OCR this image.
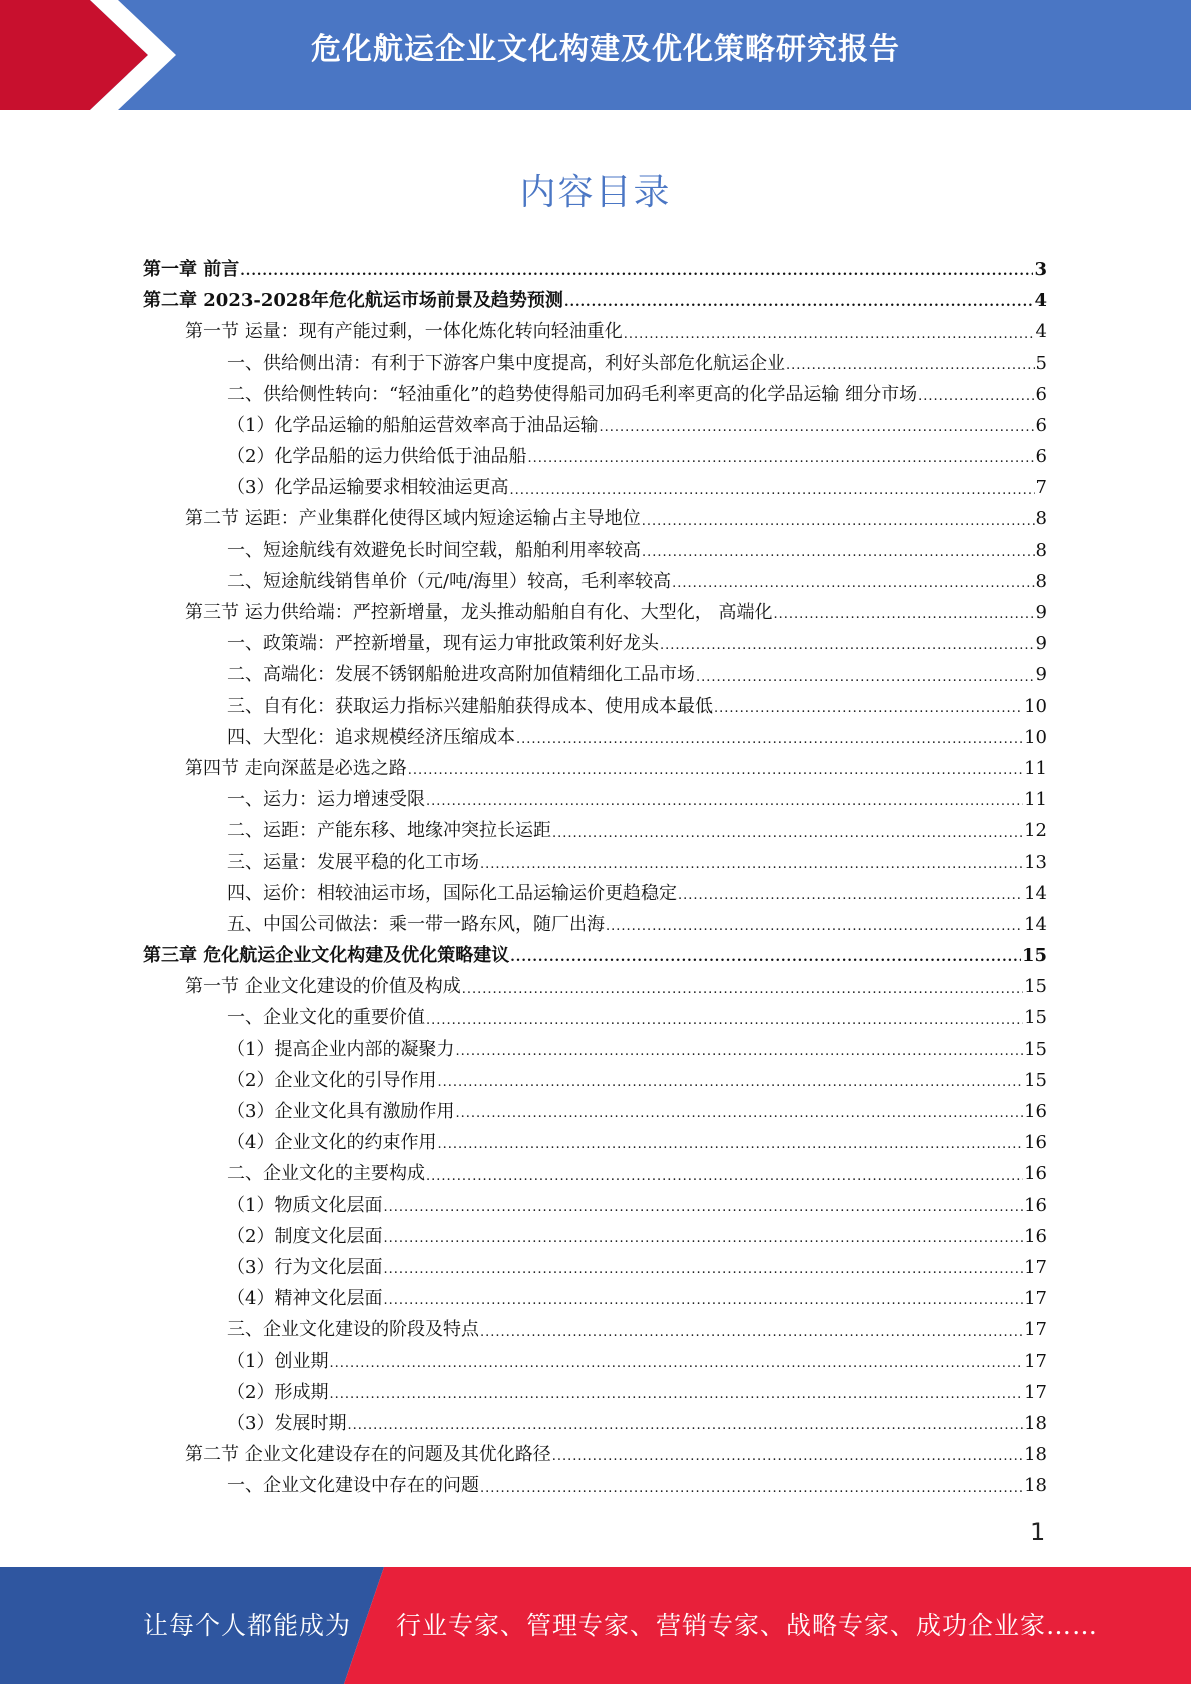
危化航运企业文化构建及优化策略研究报告
内容目录
第一章 前言 .....	3
第二章 2023-2028年危化航运市场前景及趋势预测 .....	4
第一节 运量：现有产能过剩，一体化炼化转向轻油重化 .....	4
一、供给侧出清：有利于下游客户集中度提高，利好头部危化航运企业 .....	5
二、供给侧性转向：“轻油重化”的趋势使得船司加码毛利率更高的化学品运输 细分市场 .....	6
（1）化学品运输的船舶运营效率高于油品运输 .....	6
（2）化学品船的运力供给低于油品船 .....	6
（3）化学品运输要求相较油运更高 .....	7
第二节 运距：产业集群化使得区域内短途运输占主导地位 .....	8
一、短途航线有效避免长时间空载，船舶利用率较高 .....	8
二、短途航线销售单价（元/吨/海里）较高，毛利率较高 .....	8
第三节 运力供给端：严控新增量，龙头推动船舶自有化、大型化， 高端化 .....	9
一、政策端：严控新增量，现有运力审批政策利好龙头 .....	9
二、高端化：发展不锈钢船舱进攻高附加值精细化工品市场 .....	9
三、自有化：获取运力指标兴建船舶获得成本、使用成本最低 .....	10
四、大型化：追求规模经济压缩成本 .....	10
第四节 走向深蓝是必选之路 .....	11
一、运力：运力增速受限 .....	11
二、运距：产能东移、地缘冲突拉长运距 .....	12
三、运量：发展平稳的化工市场 .....	13
四、运价：相较油运市场，国际化工品运输运价更趋稳定 .....	14
五、中国公司做法：乘一带一路东风，随厂出海 .....	14
第三章 危化航运企业文化构建及优化策略建议 .....	15
第一节 企业文化建设的价值及构成 .....	15
一、企业文化的重要价值 .....	15
（1）提高企业内部的凝聚力 .....	15
（2）企业文化的引导作用 .....	15
（3）企业文化具有激励作用 .....	16
（4）企业文化的约束作用 .....	16
二、企业文化的主要构成 .....	16
（1）物质文化层面 .....	16
（2）制度文化层面 .....	16
（3）行为文化层面 .....	17
（4）精神文化层面 .....	17
三、企业文化建设的阶段及特点 .....	17
（1）创业期 .....	17
（2）形成期 .....	17
（3）发展时期 .....	18
第二节 企业文化建设存在的问题及其优化路径 .....	18
一、企业文化建设中存在的问题 .....	18
1
让每个人都能成为 行业专家、管理专家、营销专家、战略专家、成功企业家……
